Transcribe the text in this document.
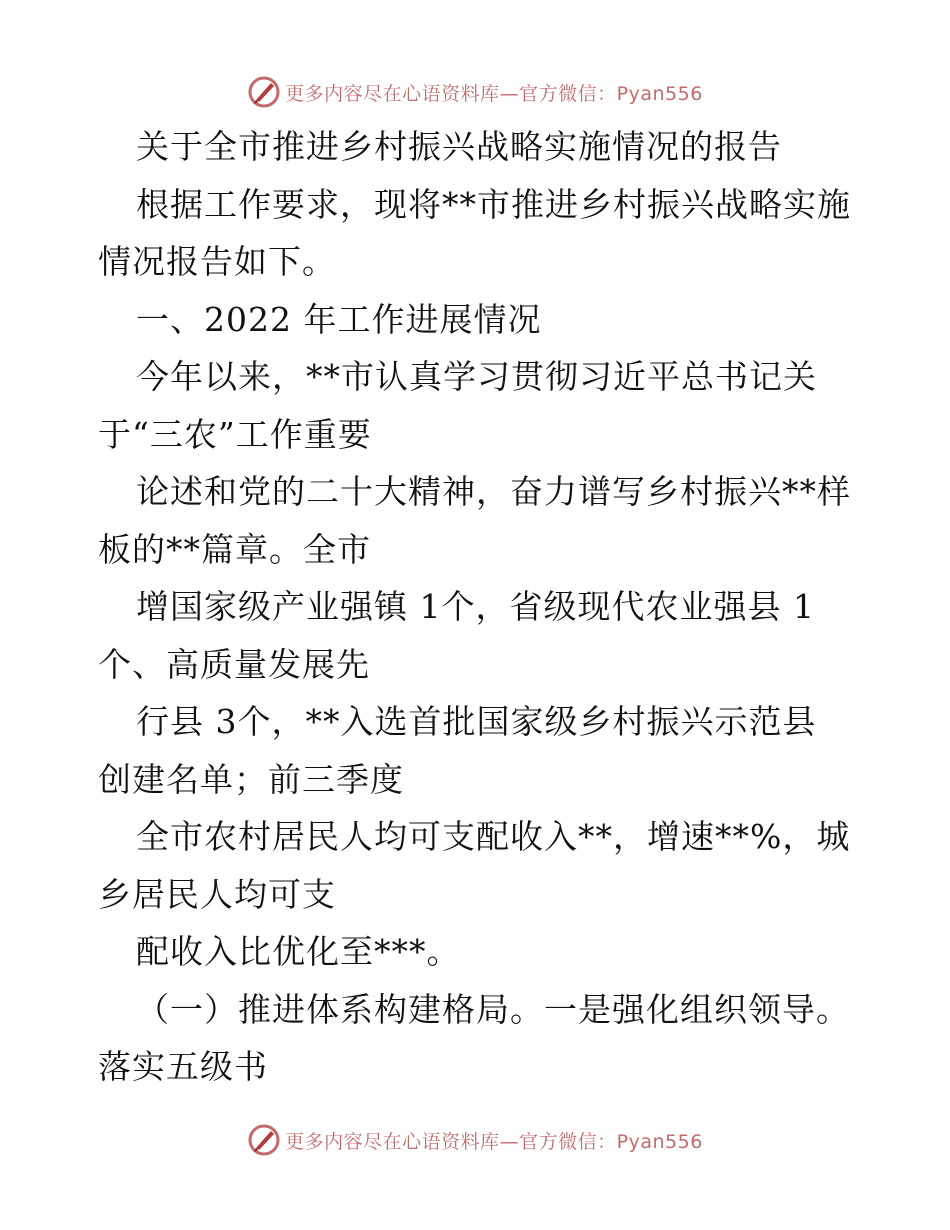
更多内容尽在心语资料库—官方微信：Pyan556
关于全市推进乡村振兴战略实施情况的报告
根据工作要求，现将**市推进乡村振兴战略实施
情况报告如下。
一、2022 年工作进展情况
今年以来，**市认真学习贯彻习近平总书记关
于“三农”工作重要
论述和党的二十大精神，奋力谱写乡村振兴**样
板的**篇章。全市
增国家级产业强镇 1个，省级现代农业强县 1
个、高质量发展先
行县 3个，**入选首批国家级乡村振兴示范县
创建名单；前三季度
全市农村居民人均可支配收入**，增速**%，城
乡居民人均可支
配收入比优化至***。
（一）推进体系构建格局。一是强化组织领导。
落实五级书
更多内容尽在心语资料库—官方微信：Pyan556
